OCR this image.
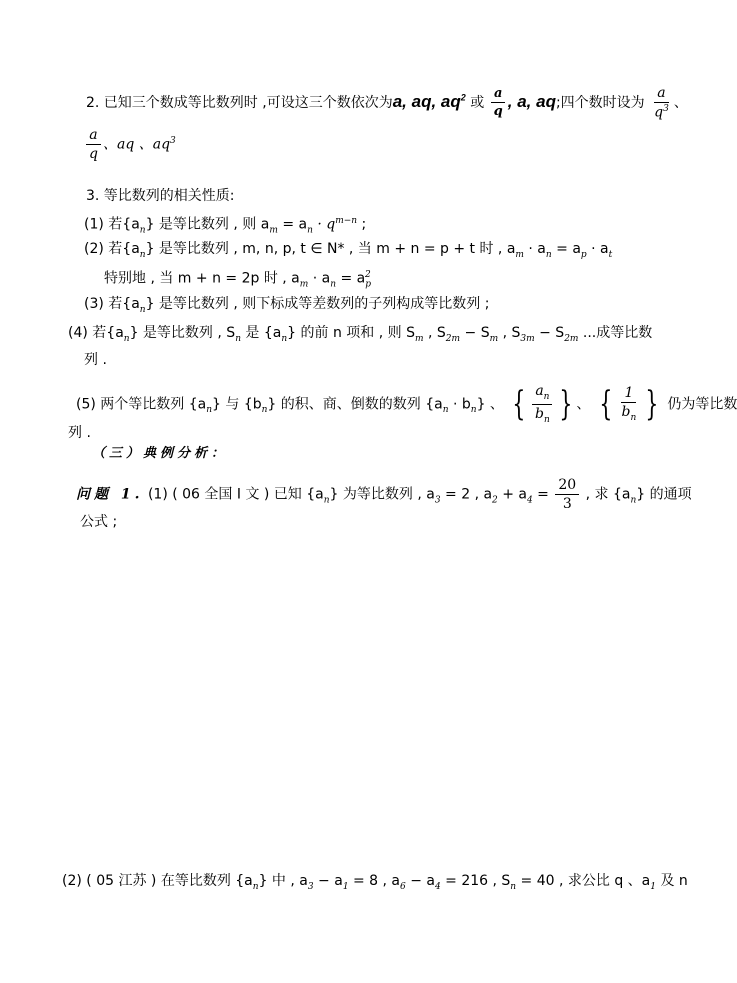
2. 已知三个数成等比数列时 ,可设这三个数依次为a, aq, $aq^2$ 或 $\frac{a}{q}$ , a, aq;四个数时设为 $\frac{a}{q^3}$ 、
$\frac{a}{q}$ 、aq 、$aq^3$
3. 等比数列的相关性质:
(1) 若$\{a_n\}$ 是等比数列 , 则 $a_m = a_n \cdot q^{m-n}$ ;
(2) 若$\{a_n\}$ 是等比数列 , m, n, p, t ∈ N* , 当 m + n = p + t 时 , $a_m \cdot a_n = a_p \cdot a_t$
特别地 , 当 m + n = 2p 时 , $a_m \cdot a_n = a_p^2$
(3) 若$\{a_n\}$ 是等比数列 , 则下标成等差数列的子列构成等比数列 ;
(4) 若$\{a_n\}$ 是等比数列 , $S_n$ 是 $\{a_n\}$ 的前 n 项和 , 则 $S_m$ , $S_{2m} - S_m$ , $S_{3m} - S_{2m}$ ...成等比数
列 .
(5) 两个等比数列 $\{a_n\}$ 与 $\{b_n\}$ 的积、商、倒数的数列 $\{a_n \cdot b_n\}$ 、 { $\frac{a_n}{b_n}$ } 、 { $\frac{1}{b_n}$ } 仍为等比数
列 .
（三）典例分析：
问题 1. (1) ( 06 全国 I 文 ) 已知 $\{a_n\}$ 为等比数列 , $a_3 = 2$ , $a_2 + a_4 = \frac{20}{3}$ , 求 $\{a_n\}$ 的通项
公式 ;
(2) ( 05 江苏 ) 在等比数列 $\{a_n\}$ 中 , $a_3 - a_1 = 8$ , $a_6 - a_4 = 216$ , $S_n = 40$ , 求公比 q 、$a_1$ 及 n
